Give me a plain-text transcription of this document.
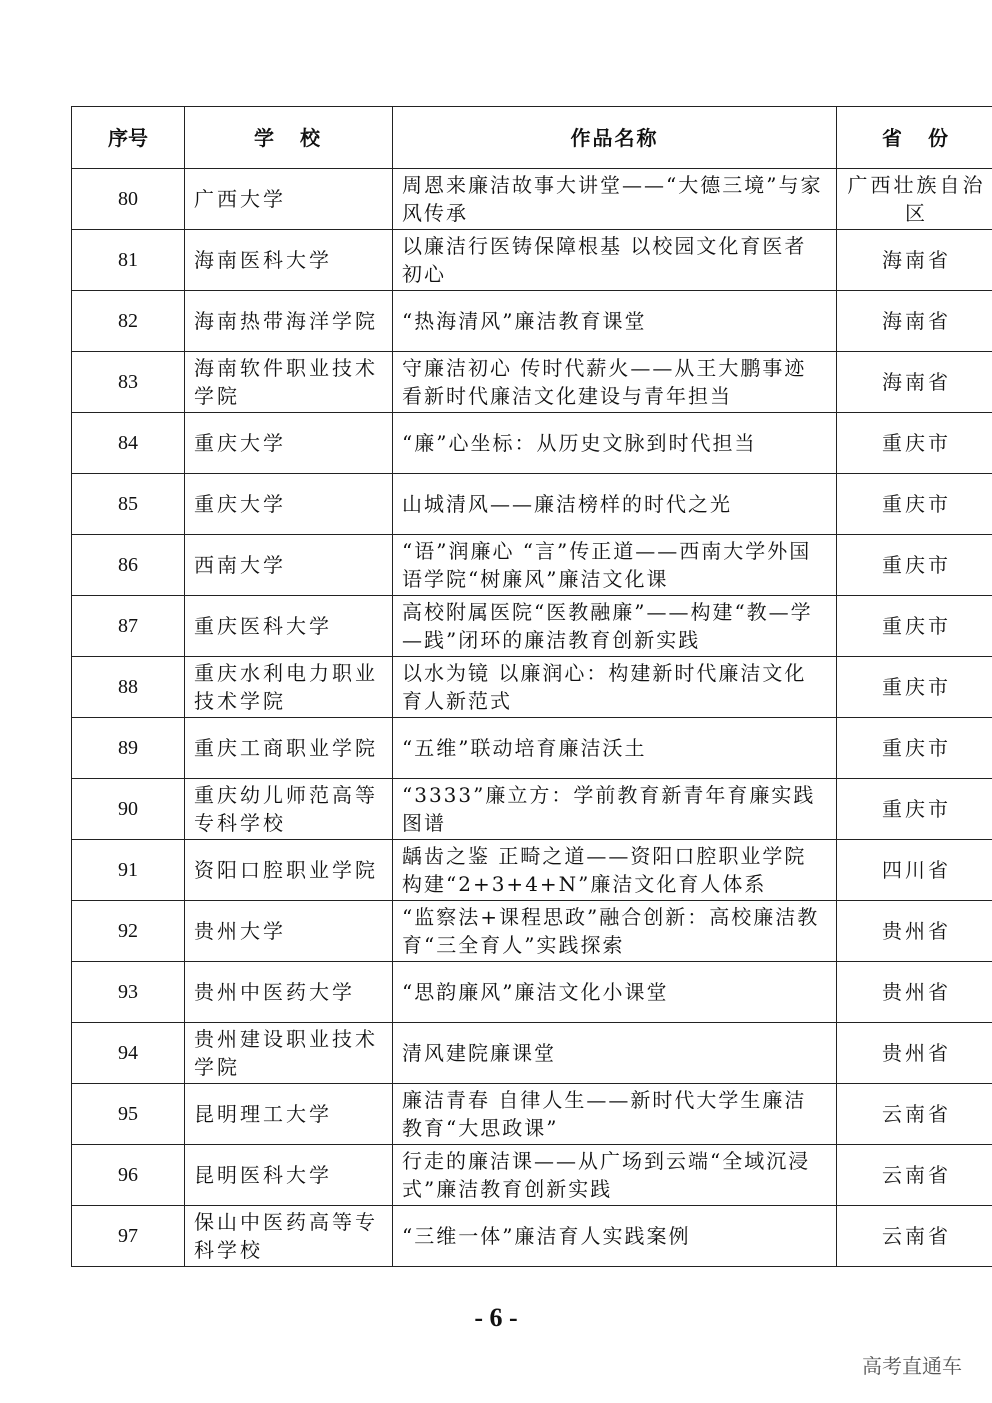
序号	学　校	作品名称	省　份
80	广西大学	周恩来廉洁故事大讲堂——“大德三境”与家风传承	广西壮族自治区
81	海南医科大学	以廉洁行医铸保障根基 以校园文化育医者初心	海南省
82	海南热带海洋学院	“热海清风”廉洁教育课堂	海南省
83	海南软件职业技术学院	守廉洁初心 传时代薪火——从王大鹏事迹看新时代廉洁文化建设与青年担当	海南省
84	重庆大学	“廉”心坐标：从历史文脉到时代担当	重庆市
85	重庆大学	山城清风——廉洁榜样的时代之光	重庆市
86	西南大学	“语”润廉心 “言”传正道——西南大学外国语学院“树廉风”廉洁文化课	重庆市
87	重庆医科大学	高校附属医院“医教融廉”——构建“教—学—践”闭环的廉洁教育创新实践	重庆市
88	重庆水利电力职业技术学院	以水为镜 以廉润心：构建新时代廉洁文化育人新范式	重庆市
89	重庆工商职业学院	“五维”联动培育廉洁沃土	重庆市
90	重庆幼儿师范高等专科学校	“3333”廉立方：学前教育新青年育廉实践图谱	重庆市
91	资阳口腔职业学院	龋齿之鉴 正畸之道——资阳口腔职业学院构建“2+3+4+N”廉洁文化育人体系	四川省
92	贵州大学	“监察法+课程思政”融合创新：高校廉洁教育“三全育人”实践探索	贵州省
93	贵州中医药大学	“思韵廉风”廉洁文化小课堂	贵州省
94	贵州建设职业技术学院	清风建院廉课堂	贵州省
95	昆明理工大学	廉洁青春 自律人生——新时代大学生廉洁教育“大思政课”	云南省
96	昆明医科大学	行走的廉洁课——从广场到云端“全域沉浸式”廉洁教育创新实践	云南省
97	保山中医药高等专科学校	“三维一体”廉洁育人实践案例	云南省
- 6 -
高考直通车
